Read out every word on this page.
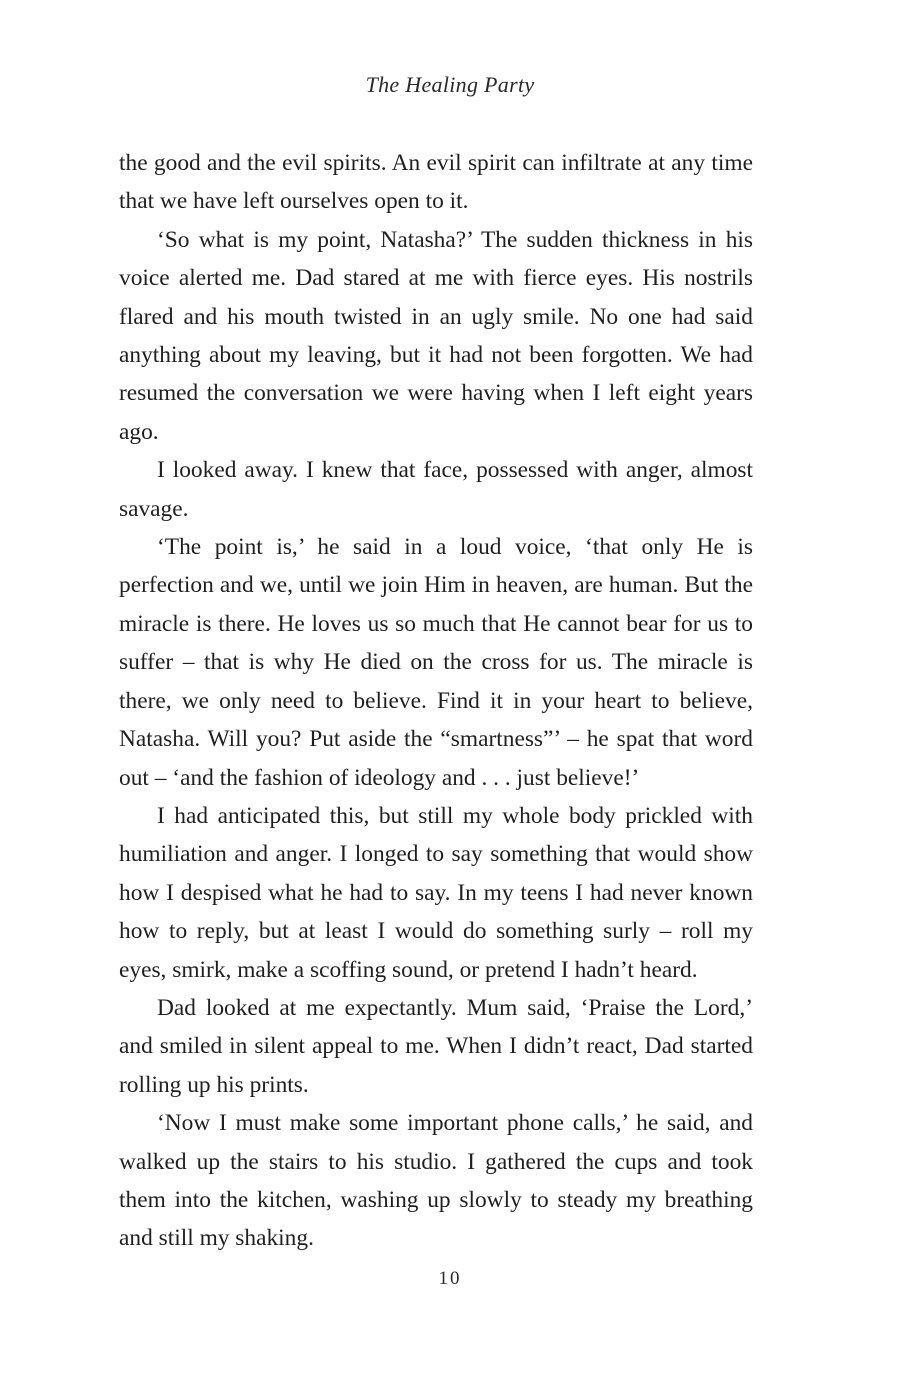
The Healing Party

the good and the evil spirits. An evil spirit can infiltrate at any time that we have left ourselves open to it.

‘So what is my point, Natasha?’ The sudden thickness in his voice alerted me. Dad stared at me with fierce eyes. His nostrils flared and his mouth twisted in an ugly smile. No one had said anything about my leaving, but it had not been forgotten. We had resumed the conversation we were having when I left eight years ago.

I looked away. I knew that face, possessed with anger, almost savage.

‘The point is,’ he said in a loud voice, ‘that only He is perfection and we, until we join Him in heaven, are human. But the miracle is there. He loves us so much that He cannot bear for us to suffer – that is why He died on the cross for us. The miracle is there, we only need to believe. Find it in your heart to believe, Natasha. Will you? Put aside the “smartness”’ – he spat that word out – ‘and the fashion of ideology and . . . just believe!’

I had anticipated this, but still my whole body prickled with humiliation and anger. I longed to say something that would show how I despised what he had to say. In my teens I had never known how to reply, but at least I would do something surly – roll my eyes, smirk, make a scoffing sound, or pretend I hadn’t heard.

Dad looked at me expectantly. Mum said, ‘Praise the Lord,’ and smiled in silent appeal to me. When I didn’t react, Dad started rolling up his prints.

‘Now I must make some important phone calls,’ he said, and walked up the stairs to his studio. I gathered the cups and took them into the kitchen, washing up slowly to steady my breathing and still my shaking.

10
